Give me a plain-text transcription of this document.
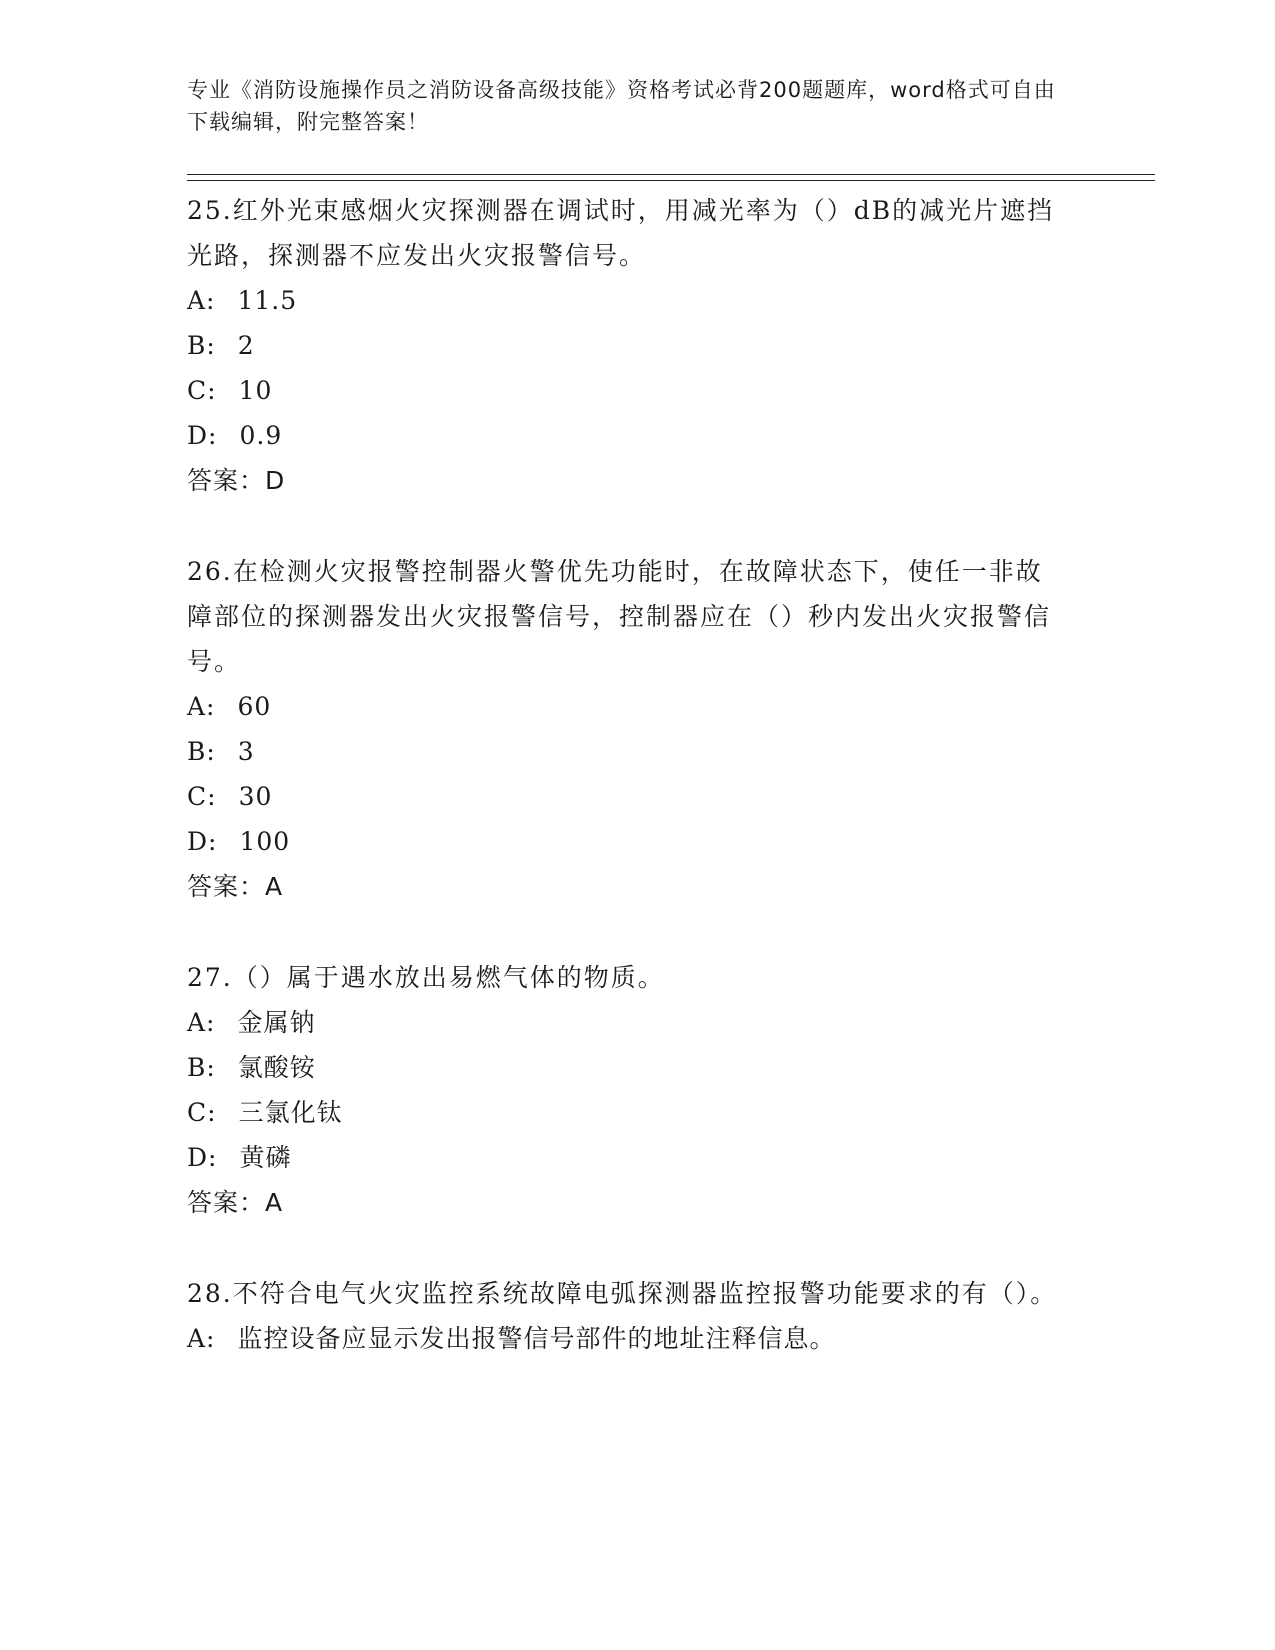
专业《消防设施操作员之消防设备高级技能》资格考试必背200题题库，word格式可自由下载编辑，附完整答案！

25.红外光束感烟火灾探测器在调试时，用减光率为（）dB的减光片遮挡光路，探测器不应发出火灾报警信号。

A: 11.5
B: 2
C: 10
D: 0.9
答案：D

26.在检测火灾报警控制器火警优先功能时，在故障状态下，使任一非故障部位的探测器发出火灾报警信号，控制器应在（）秒内发出火灾报警信号。

A: 60
B: 3
C: 30
D: 100
答案：A

27.（）属于遇水放出易燃气体的物质。

A: 金属钠
B: 氯酸铵
C: 三氯化钛
D: 黄磷
答案：A

28.不符合电气火灾监控系统故障电弧探测器监控报警功能要求的有（）。

A: 监控设备应显示发出报警信号部件的地址注释信息。
